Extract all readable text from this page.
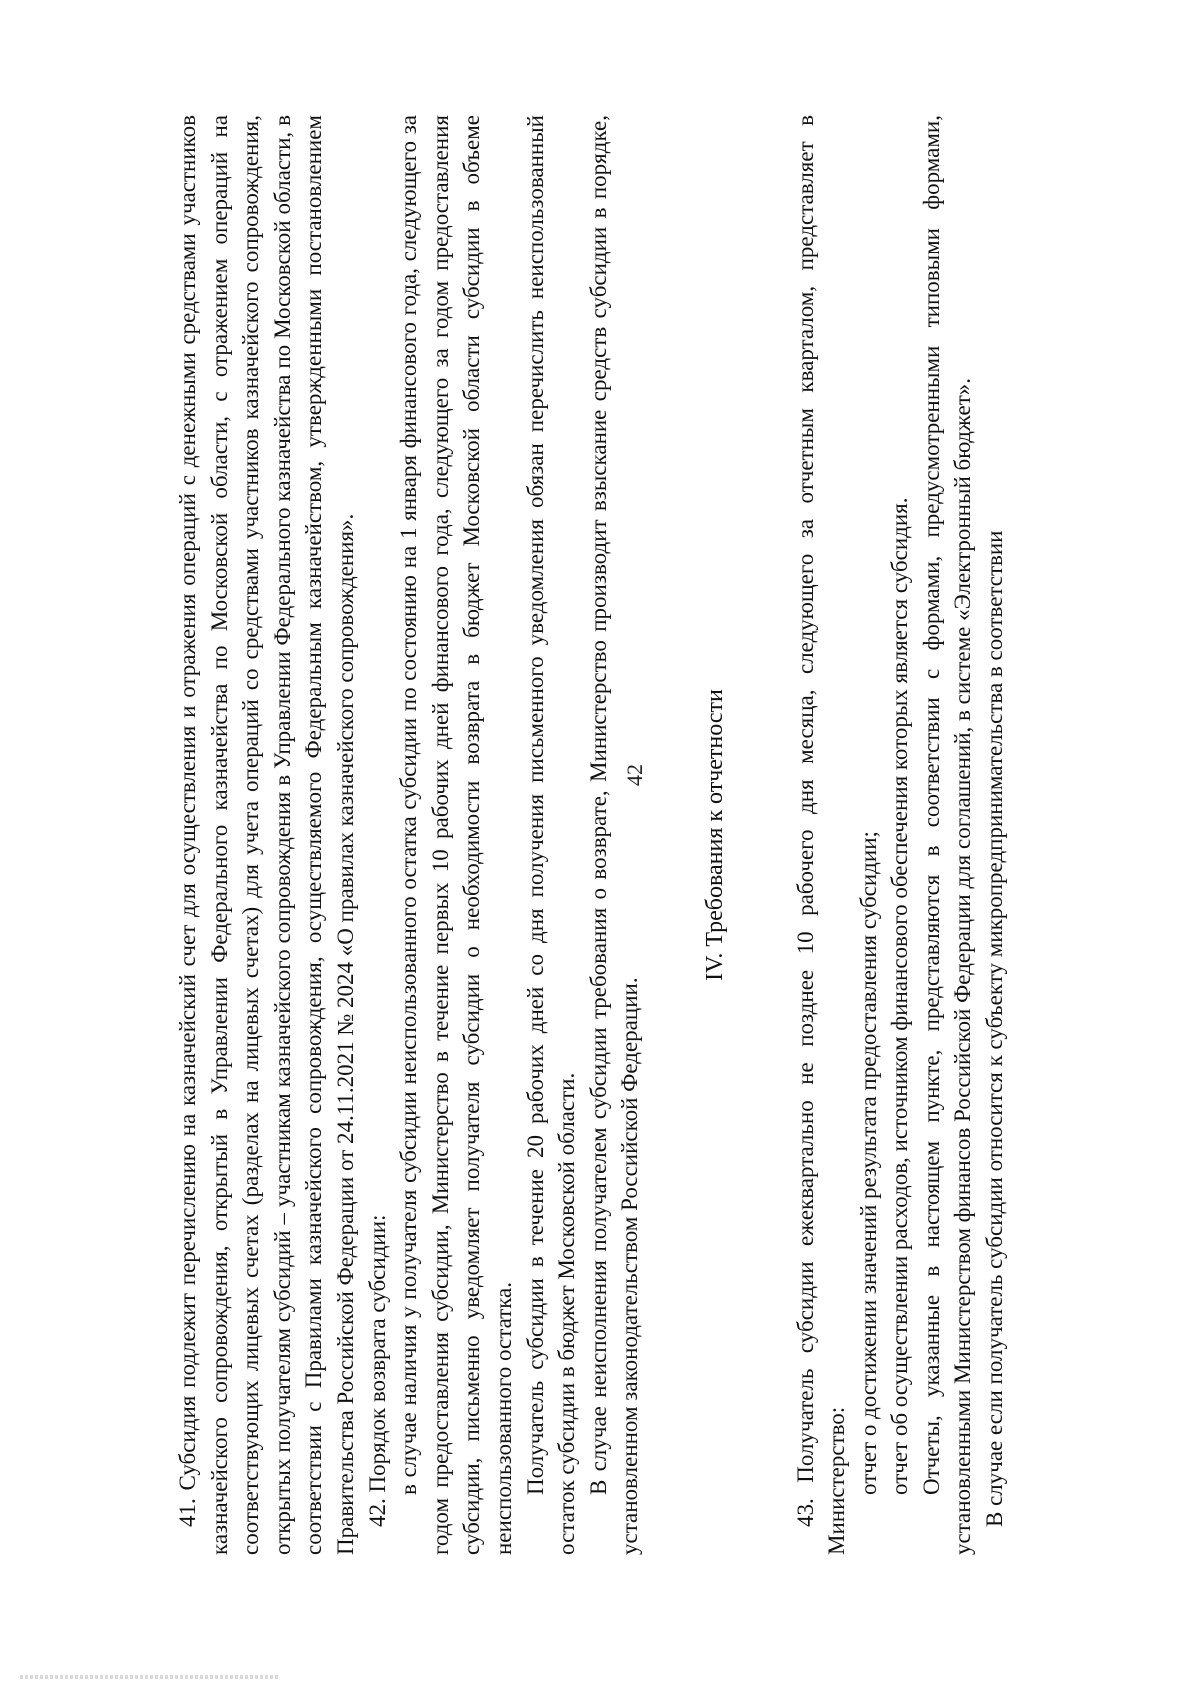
42

41. Субсидия подлежит перечислению на казначейский счет для осуществления и отражения операций с денежными средствами участников казначейского сопровождения, открытый в Управлении Федерального казначейства по Московской области, с отражением операций на соответствующих лицевых счетах (разделах на лицевых счетах) для учета операций со средствами участников казначейского сопровождения, открытых получателям субсидий – участникам казначейского сопровождения в Управлении Федерального казначейства по Московской области, в соответствии с Правилами казначейского сопровождения, осуществляемого Федеральным казначейством, утвержденными постановлением Правительства Российской Федерации от 24.11.2021 № 2024 «О правилах казначейского сопровождения». 42. Порядок возврата субсидии: в случае наличия у получателя субсидии неиспользованного остатка субсидии по состоянию на 1 января финансового года, следующего за годом предоставления субсидии, Министерство в течение первых 10 рабочих дней финансового года, следующего за годом предоставления субсидии, письменно уведомляет получателя субсидии о необходимости возврата в бюджет Московской области субсидии в объеме неиспользованного остатка. Получатель субсидии в течение 20 рабочих дней со дня получения письменного уведомления обязан перечислить неиспользованный остаток субсидии в бюджет Московской области. В случае неисполнения получателем субсидии требования о возврате, Министерство производит взыскание средств субсидии в порядке, установленном законодательством Российской Федерации.

IV. Требования к отчетности	43. Получатель субсидии ежеквартально не позднее 10 рабочего дня месяца, следующего за отчетным кварталом, представляет в Министерство: отчет о достижении значений результата предоставления субсидии; отчет об осуществлении расходов, источником финансового обеспечения которых является субсидия. Отчеты, указанные в настоящем пункте, представляются в соответствии с формами, предусмотренными типовыми формами, установленными Министерством финансов Российской Федерации для соглашений, в системе «Электронный бюджет». В случае если получатель субсидии относится к субъекту микропредпринимательства в соответствии
